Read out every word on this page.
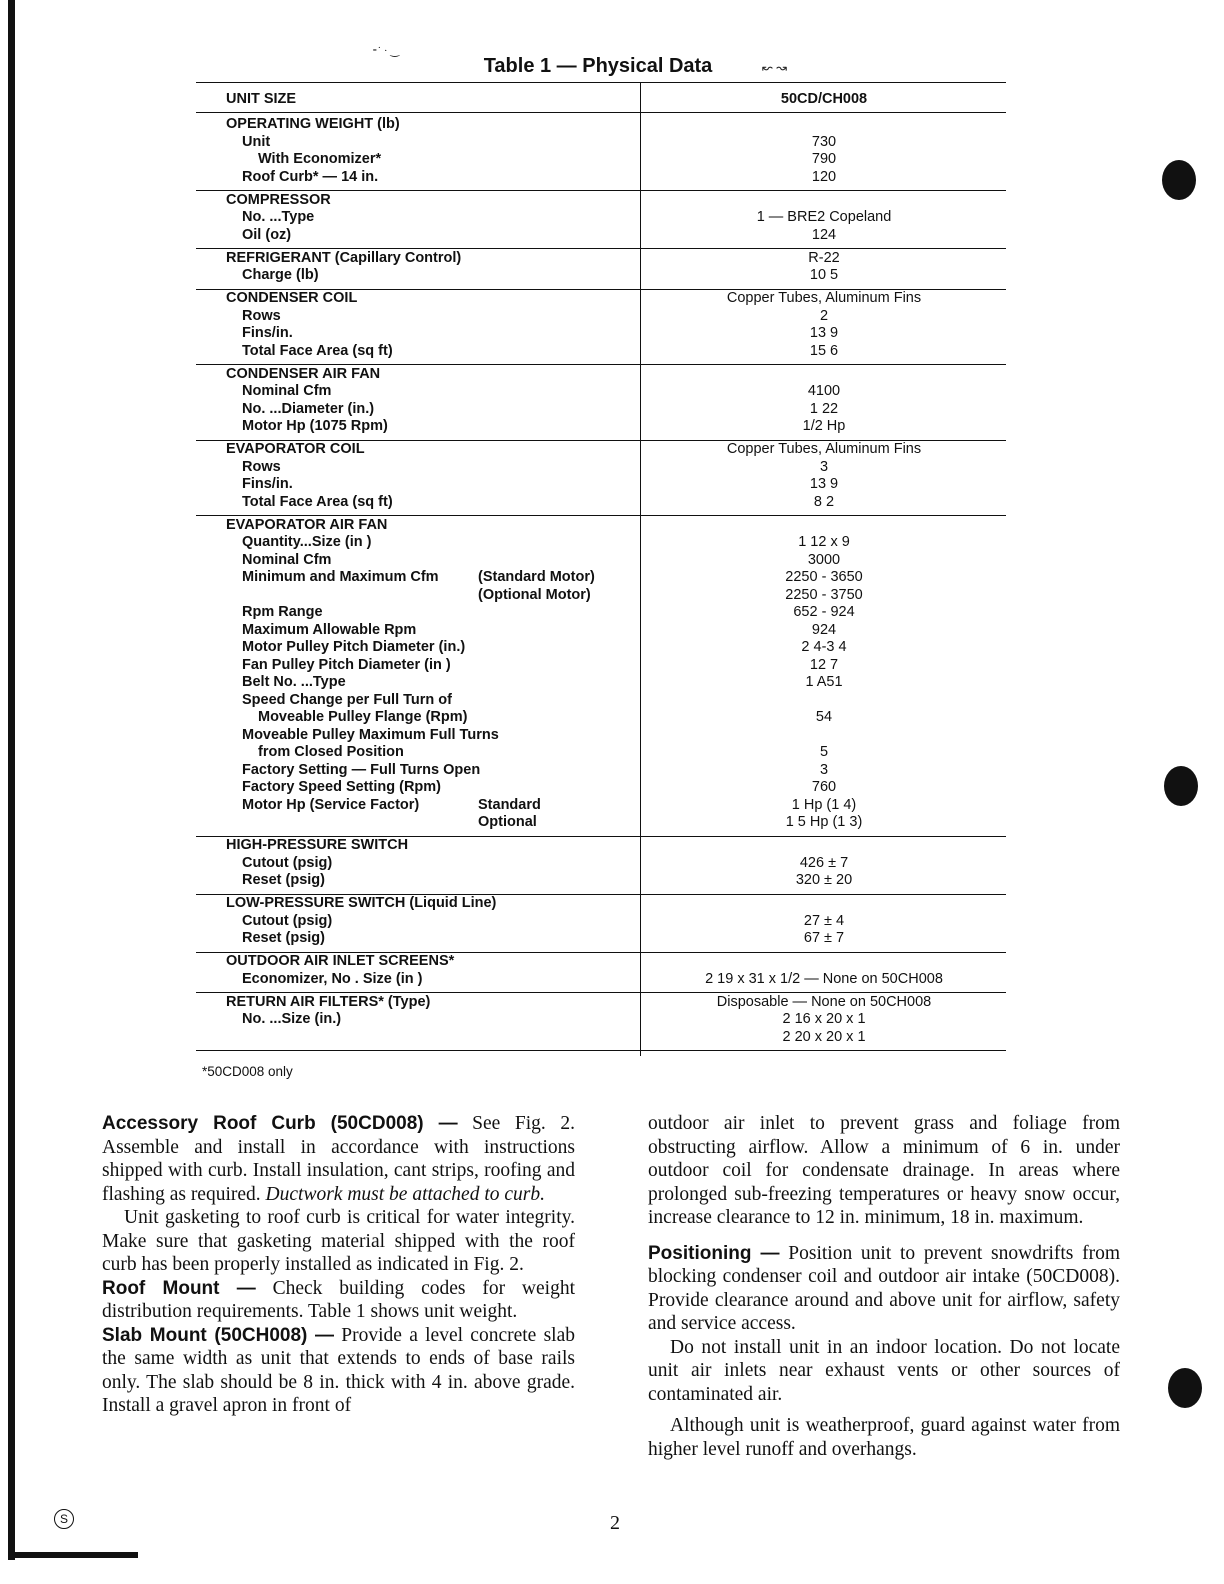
⁃˙ · ‿
↜ ↝
Table 1 — Physical Data
UNIT SIZE	50CD/CH008
OPERATING WEIGHT (lb)
Unit	730
With Economizer*	790
Roof Curb* — 14 in.	120
COMPRESSOR
No. ...Type	1 — BRE2 Copeland
Oil (oz)	124
REFRIGERANT (Capillary Control)	R-22
Charge (lb)	10 5
CONDENSER COIL	Copper Tubes, Aluminum Fins
Rows	2
Fins/in.	13 9
Total Face Area (sq ft)	15 6
CONDENSER AIR FAN
Nominal Cfm	4100
No. ...Diameter (in.)	1 22
Motor Hp (1075 Rpm)	1/2 Hp
EVAPORATOR COIL	Copper Tubes, Aluminum Fins
Rows	3
Fins/in.	13 9
Total Face Area (sq ft)	8 2
EVAPORATOR AIR FAN
Quantity...Size (in )	1 12 x 9
Nominal Cfm	3000
Minimum and Maximum Cfm	(Standard Motor)	2250 - 3650
(Optional Motor)	2250 - 3750
Rpm Range	652 - 924
Maximum Allowable Rpm	924
Motor Pulley Pitch Diameter (in.)	2 4-3 4
Fan Pulley Pitch Diameter (in )	12 7
Belt No. ...Type	1 A51
Speed Change per Full Turn of
Moveable Pulley Flange (Rpm)	54
Moveable Pulley Maximum Full Turns
from Closed Position	5
Factory Setting — Full Turns Open	3
Factory Speed Setting (Rpm)	760
Motor Hp (Service Factor)	Standard	1 Hp (1 4)
Optional	1 5 Hp (1 3)
HIGH-PRESSURE SWITCH
Cutout (psig)	426 ± 7
Reset (psig)	320 ± 20
LOW-PRESSURE SWITCH (Liquid Line)
Cutout (psig)	27 ± 4
Reset (psig)	67 ± 7
OUTDOOR AIR INLET SCREENS*
Economizer, No . Size (in )	2 19 x 31 x 1/2 — None on 50CH008
RETURN AIR FILTERS* (Type)	Disposable — None on 50CH008
No. ...Size (in.)	2 16 x 20 x 1
2 20 x 20 x 1
*50CD008 only

Accessory Roof Curb (50CD008) — See Fig. 2. Assemble and install in accordance with instructions shipped with curb. Install insulation, cant strips, roofing and flashing as required. Ductwork must be attached to curb.

Unit gasketing to roof curb is critical for water integrity. Make sure that gasketing material shipped with the roof curb has been properly installed as indicated in Fig. 2.

Roof Mount — Check building codes for weight distribution requirements. Table 1 shows unit weight.

Slab Mount (50CH008) — Provide a level concrete slab the same width as unit that extends to ends of base rails only. The slab should be 8 in. thick with 4 in. above grade. Install a gravel apron in front of

outdoor air inlet to prevent grass and foliage from obstructing airflow. Allow a minimum of 6 in. under outdoor coil for condensate drainage. In areas where prolonged sub-freezing temperatures or heavy snow occur, increase clearance to 12 in. minimum, 18 in. maximum.

Positioning — Position unit to prevent snowdrifts from blocking condenser coil and outdoor air intake (50CD008). Provide clearance around and above unit for airflow, safety and service access.

Do not install unit in an indoor location. Do not locate unit air inlets near exhaust vents or other sources of contaminated air.

Although unit is weatherproof, guard against water from higher level runoff and overhangs.

S	2
